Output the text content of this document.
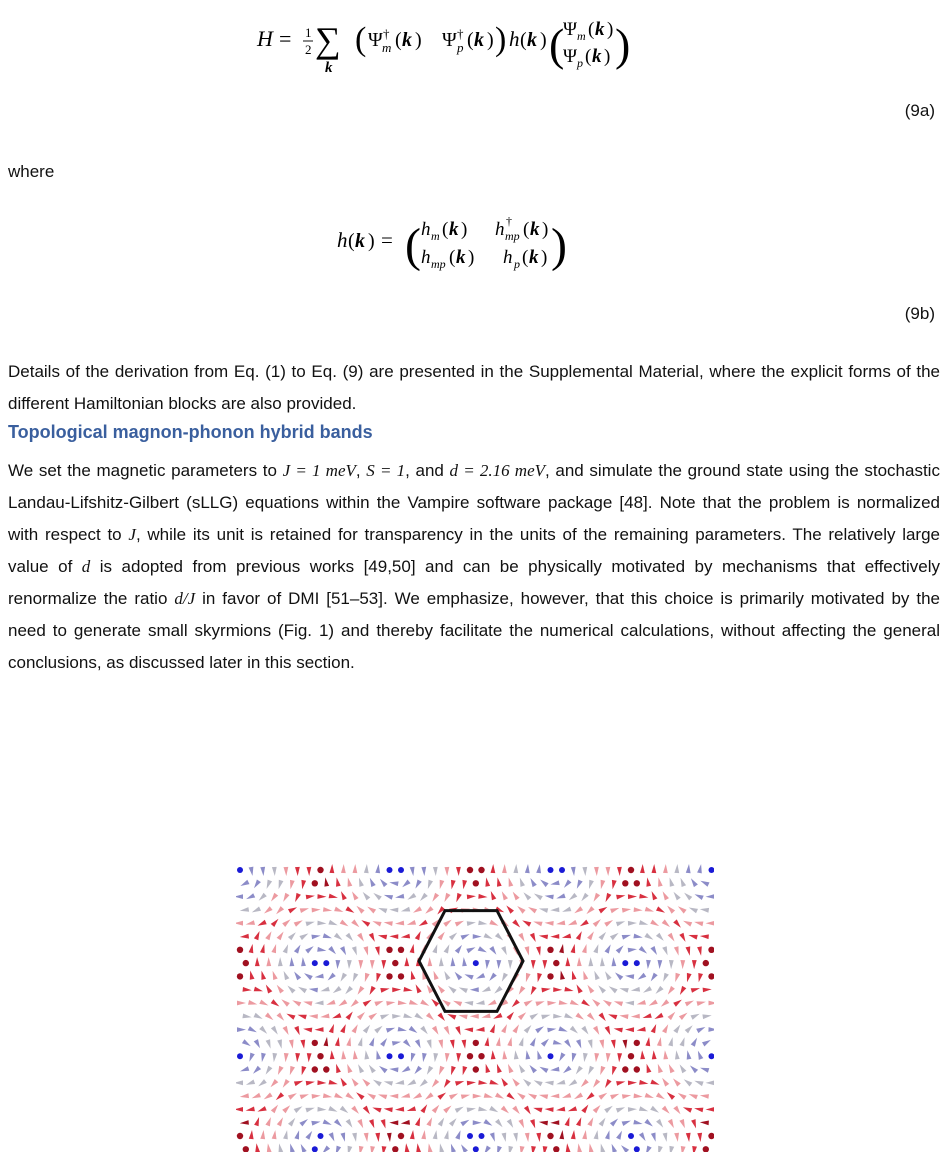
H = 1
2 ∑
k
( Ψ †
m ( k ) Ψ †
p ( k ) ) h ( k ) (
Ψ m ( k )
Ψ p ( k ) )
(9a)
where
h ( k ) = ( h m ( k ) h †
mp ( k )
h mp ( k ) h p ( k ) )
(9b)

Details of the derivation from Eq. (1) to Eq. (9) are presented in the Supplemental Material, where the explicit forms of the different Hamiltonian blocks are also provided.

Topological magnon-phonon hybrid bands

We set the magnetic parameters to J = 1 meV, S = 1, and d = 2.16 meV, and simulate the ground state using the stochastic Landau-Lifshitz-Gilbert (sLLG) equations within the Vampire software package [48]. Note that the problem is normalized with respect to J, while its unit is retained for transparency in the units of the remaining parameters. The relatively large value of d is adopted from previous works [49,50] and can be physically motivated by mechanisms that effectively renormalize the ratio d/J in favor of DMI [51–53]. We emphasize, however, that this choice is primarily motivated by the need to generate small skyrmions (Fig. 1) and thereby facilitate the numerical calculations, without affecting the general conclusions, as discussed later in this section.
